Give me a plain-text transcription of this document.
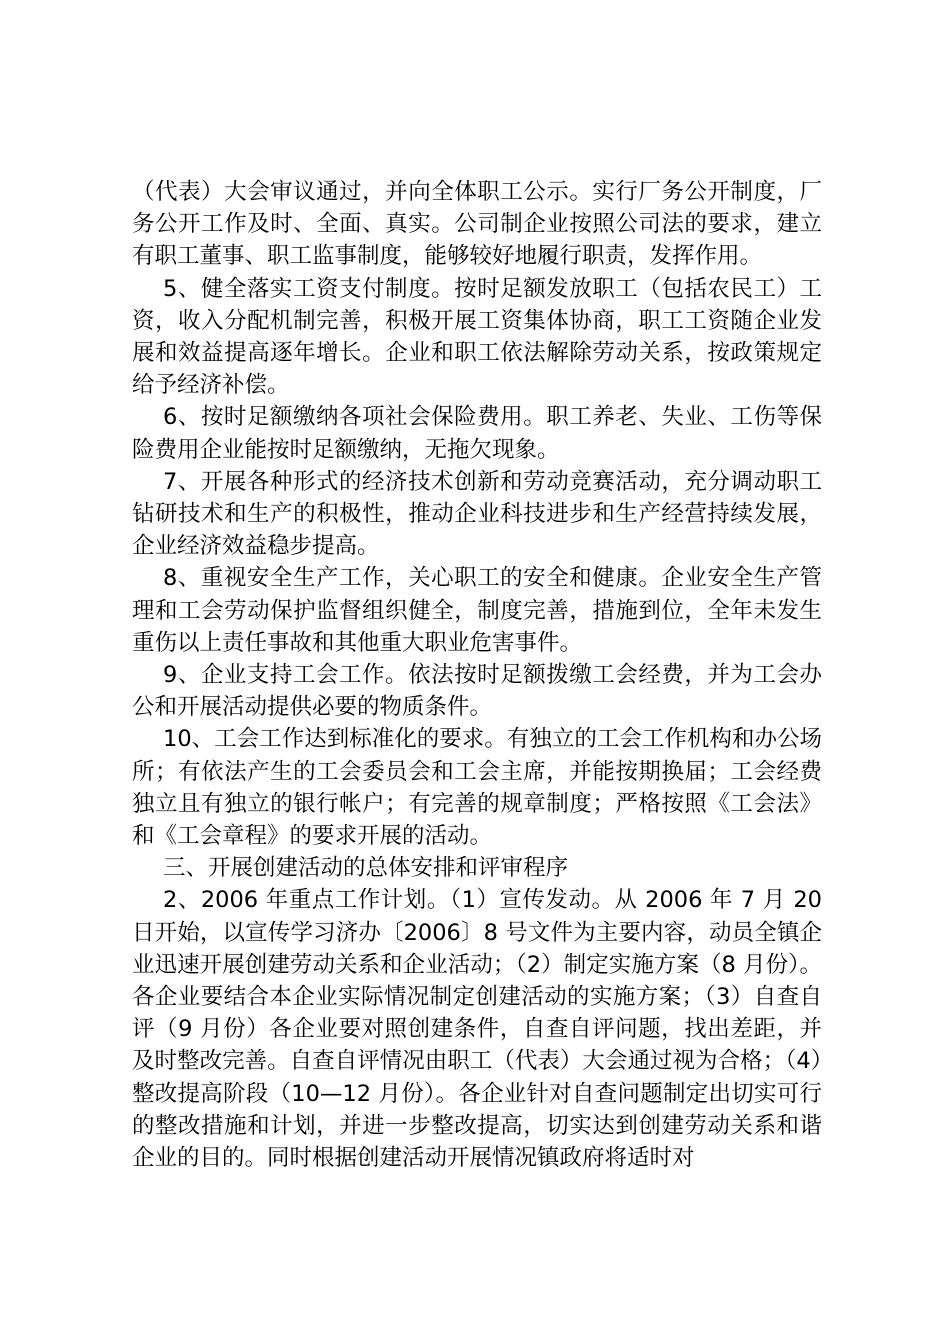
（代表）大会审议通过，并向全体职工公示。实行厂务公开制度，厂务公开工作及时、全面、真实。公司制企业按照公司法的要求，建立有职工董事、职工监事制度，能够较好地履行职责，发挥作用。

5、健全落实工资支付制度。按时足额发放职工（包括农民工）工资，收入分配机制完善，积极开展工资集体协商，职工工资随企业发展和效益提高逐年增长。企业和职工依法解除劳动关系，按政策规定给予经济补偿。

6、按时足额缴纳各项社会保险费用。职工养老、失业、工伤等保险费用企业能按时足额缴纳，无拖欠现象。

7、开展各种形式的经济技术创新和劳动竞赛活动，充分调动职工钻研技术和生产的积极性，推动企业科技进步和生产经营持续发展，企业经济效益稳步提高。

8、重视安全生产工作，关心职工的安全和健康。企业安全生产管理和工会劳动保护监督组织健全，制度完善，措施到位，全年未发生重伤以上责任事故和其他重大职业危害事件。

9、企业支持工会工作。依法按时足额拨缴工会经费，并为工会办公和开展活动提供必要的物质条件。

10、工会工作达到标准化的要求。有独立的工会工作机构和办公场所；有依法产生的工会委员会和工会主席，并能按期换届；工会经费独立且有独立的银行帐户；有完善的规章制度；严格按照《工会法》和《工会章程》的要求开展的活动。

三、开展创建活动的总体安排和评审程序

2、2006 年重点工作计划。（1）宣传发动。从 2006 年 7 月 20 日开始，以宣传学习济办〔2006〕8 号文件为主要内容，动员全镇企业迅速开展创建劳动关系和企业活动；（2）制定实施方案（8 月份）。各企业要结合本企业实际情况制定创建活动的实施方案；（3）自查自评（9 月份）各企业要对照创建条件，自查自评问题，找出差距，并及时整改完善。自查自评情况由职工（代表）大会通过视为合格；（4）整改提高阶段（10—12 月份）。各企业针对自查问题制定出切实可行的整改措施和计划，并进一步整改提高，切实达到创建劳动关系和谐企业的目的。同时根据创建活动开展情况镇政府将适时对
